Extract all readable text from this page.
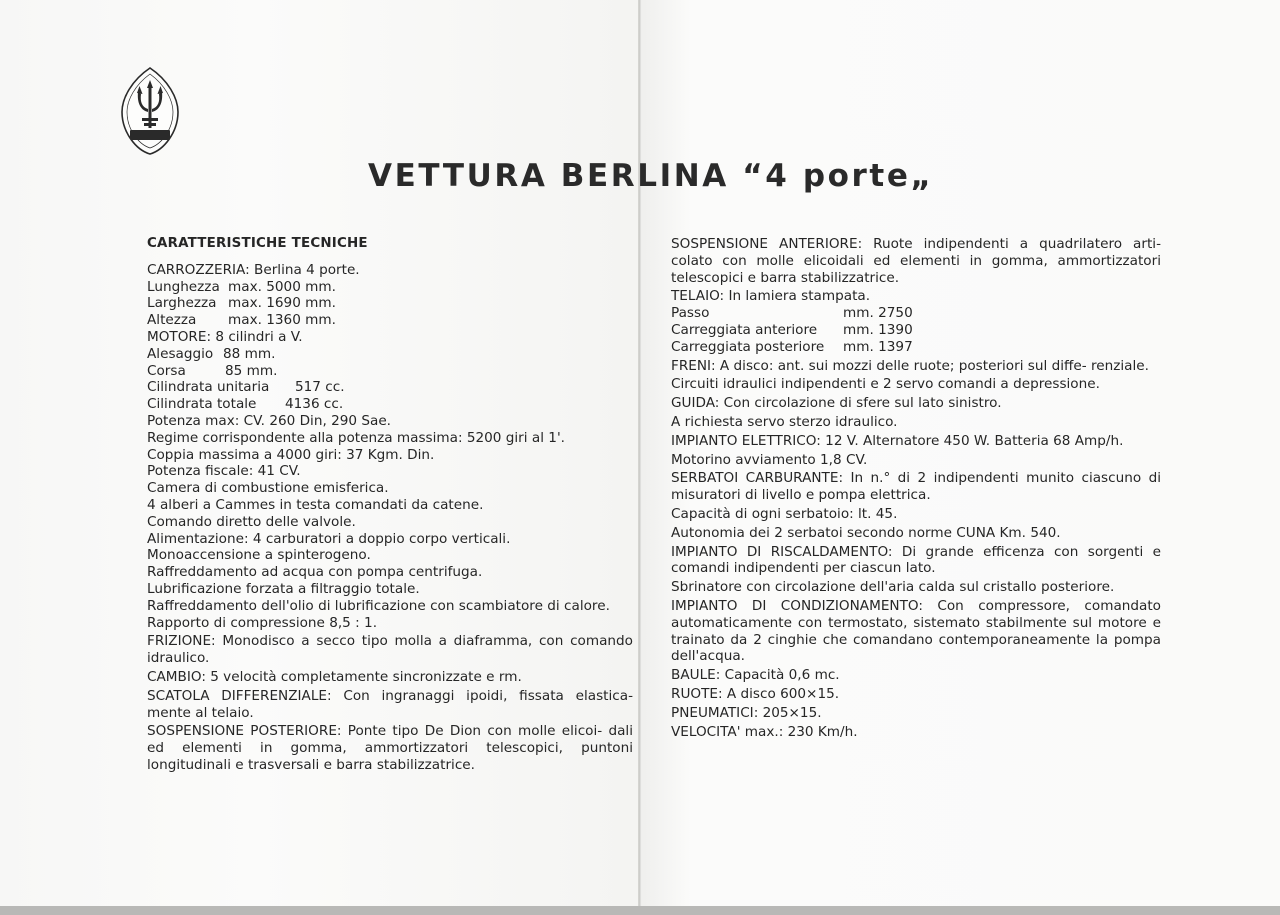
VETTURA BERLINA “4 porte„
CARATTERISTICHE TECNICHE
CARROZZERIA: Berlina 4 porte.
Lunghezza max. 5000 mm.
Larghezza max. 1690 mm.
Altezza max. 1360 mm.
MOTORE: 8 cilindri a V.
Alesaggio 88 mm.
Corsa	85 mm.
Cilindrata unitaria 517 cc.
Cilindrata totale 4136 cc.
Potenza max: CV. 260 Din, 290 Sae.
Regime corrispondente alla potenza massima: 5200 giri al 1'.
Coppia massima a 4000 giri: 37 Kgm. Din.
Potenza fiscale: 41 CV.
Camera di combustione emisferica.
4 alberi a Cammes in testa comandati da catene.
Comando diretto delle valvole.
Alimentazione: 4 carburatori a doppio corpo verticali.
Monoaccensione a spinterogeno.
Raffreddamento ad acqua con pompa centrifuga.
Lubrificazione forzata a filtraggio totale.
Raffreddamento dell'olio di lubrificazione con scambiatore di calore.
Rapporto di compressione 8,5 : 1.
FRIZIONE: Monodisco a secco tipo molla a diaframma, con comando idraulico.
CAMBIO: 5 velocità completamente sincronizzate e rm.
SCATOLA DIFFERENZIALE: Con ingranaggi ipoidi, fissata elastica- mente al telaio.
SOSPENSIONE POSTERIORE: Ponte tipo De Dion con molle elicoi- dali ed elementi in gomma, ammortizzatori telescopici, puntoni longitudinali e trasversali e barra stabilizzatrice.
SOSPENSIONE ANTERIORE: Ruote indipendenti a quadrilatero arti- colato con molle elicoidali ed elementi in gomma, ammortizzatori telescopici e barra stabilizzatrice.
TELAIO: In lamiera stampata.
Passo	mm. 2750
Carreggiata anteriore mm. 1390
Carreggiata posteriore mm. 1397
FRENI: A disco: ant. sui mozzi delle ruote; posteriori sul diffe- renziale.
Circuiti idraulici indipendenti e 2 servo comandi a depressione.
GUIDA: Con circolazione di sfere sul lato sinistro.
A richiesta servo sterzo idraulico.
IMPIANTO ELETTRICO: 12 V. Alternatore 450 W. Batteria 68 Amp/h.
Motorino avviamento 1,8 CV.
SERBATOI CARBURANTE: In n.° di 2 indipendenti munito ciascuno di misuratori di livello e pompa elettrica.
Capacità di ogni serbatoio: lt. 45.
Autonomia dei 2 serbatoi secondo norme CUNA Km. 540.
IMPIANTO DI RISCALDAMENTO: Di grande efficenza con sorgenti e comandi indipendenti per ciascun lato.
Sbrinatore con circolazione dell'aria calda sul cristallo posteriore.
IMPIANTO DI CONDIZIONAMENTO: Con compressore, comandato automaticamente con termostato, sistemato stabilmente sul motore e trainato da 2 cinghie che comandano contemporaneamente la pompa dell'acqua.
BAULE: Capacità 0,6 mc.
RUOTE: A disco 600×15.
PNEUMATICI: 205×15.
VELOCITA' max.: 230 Km/h.
